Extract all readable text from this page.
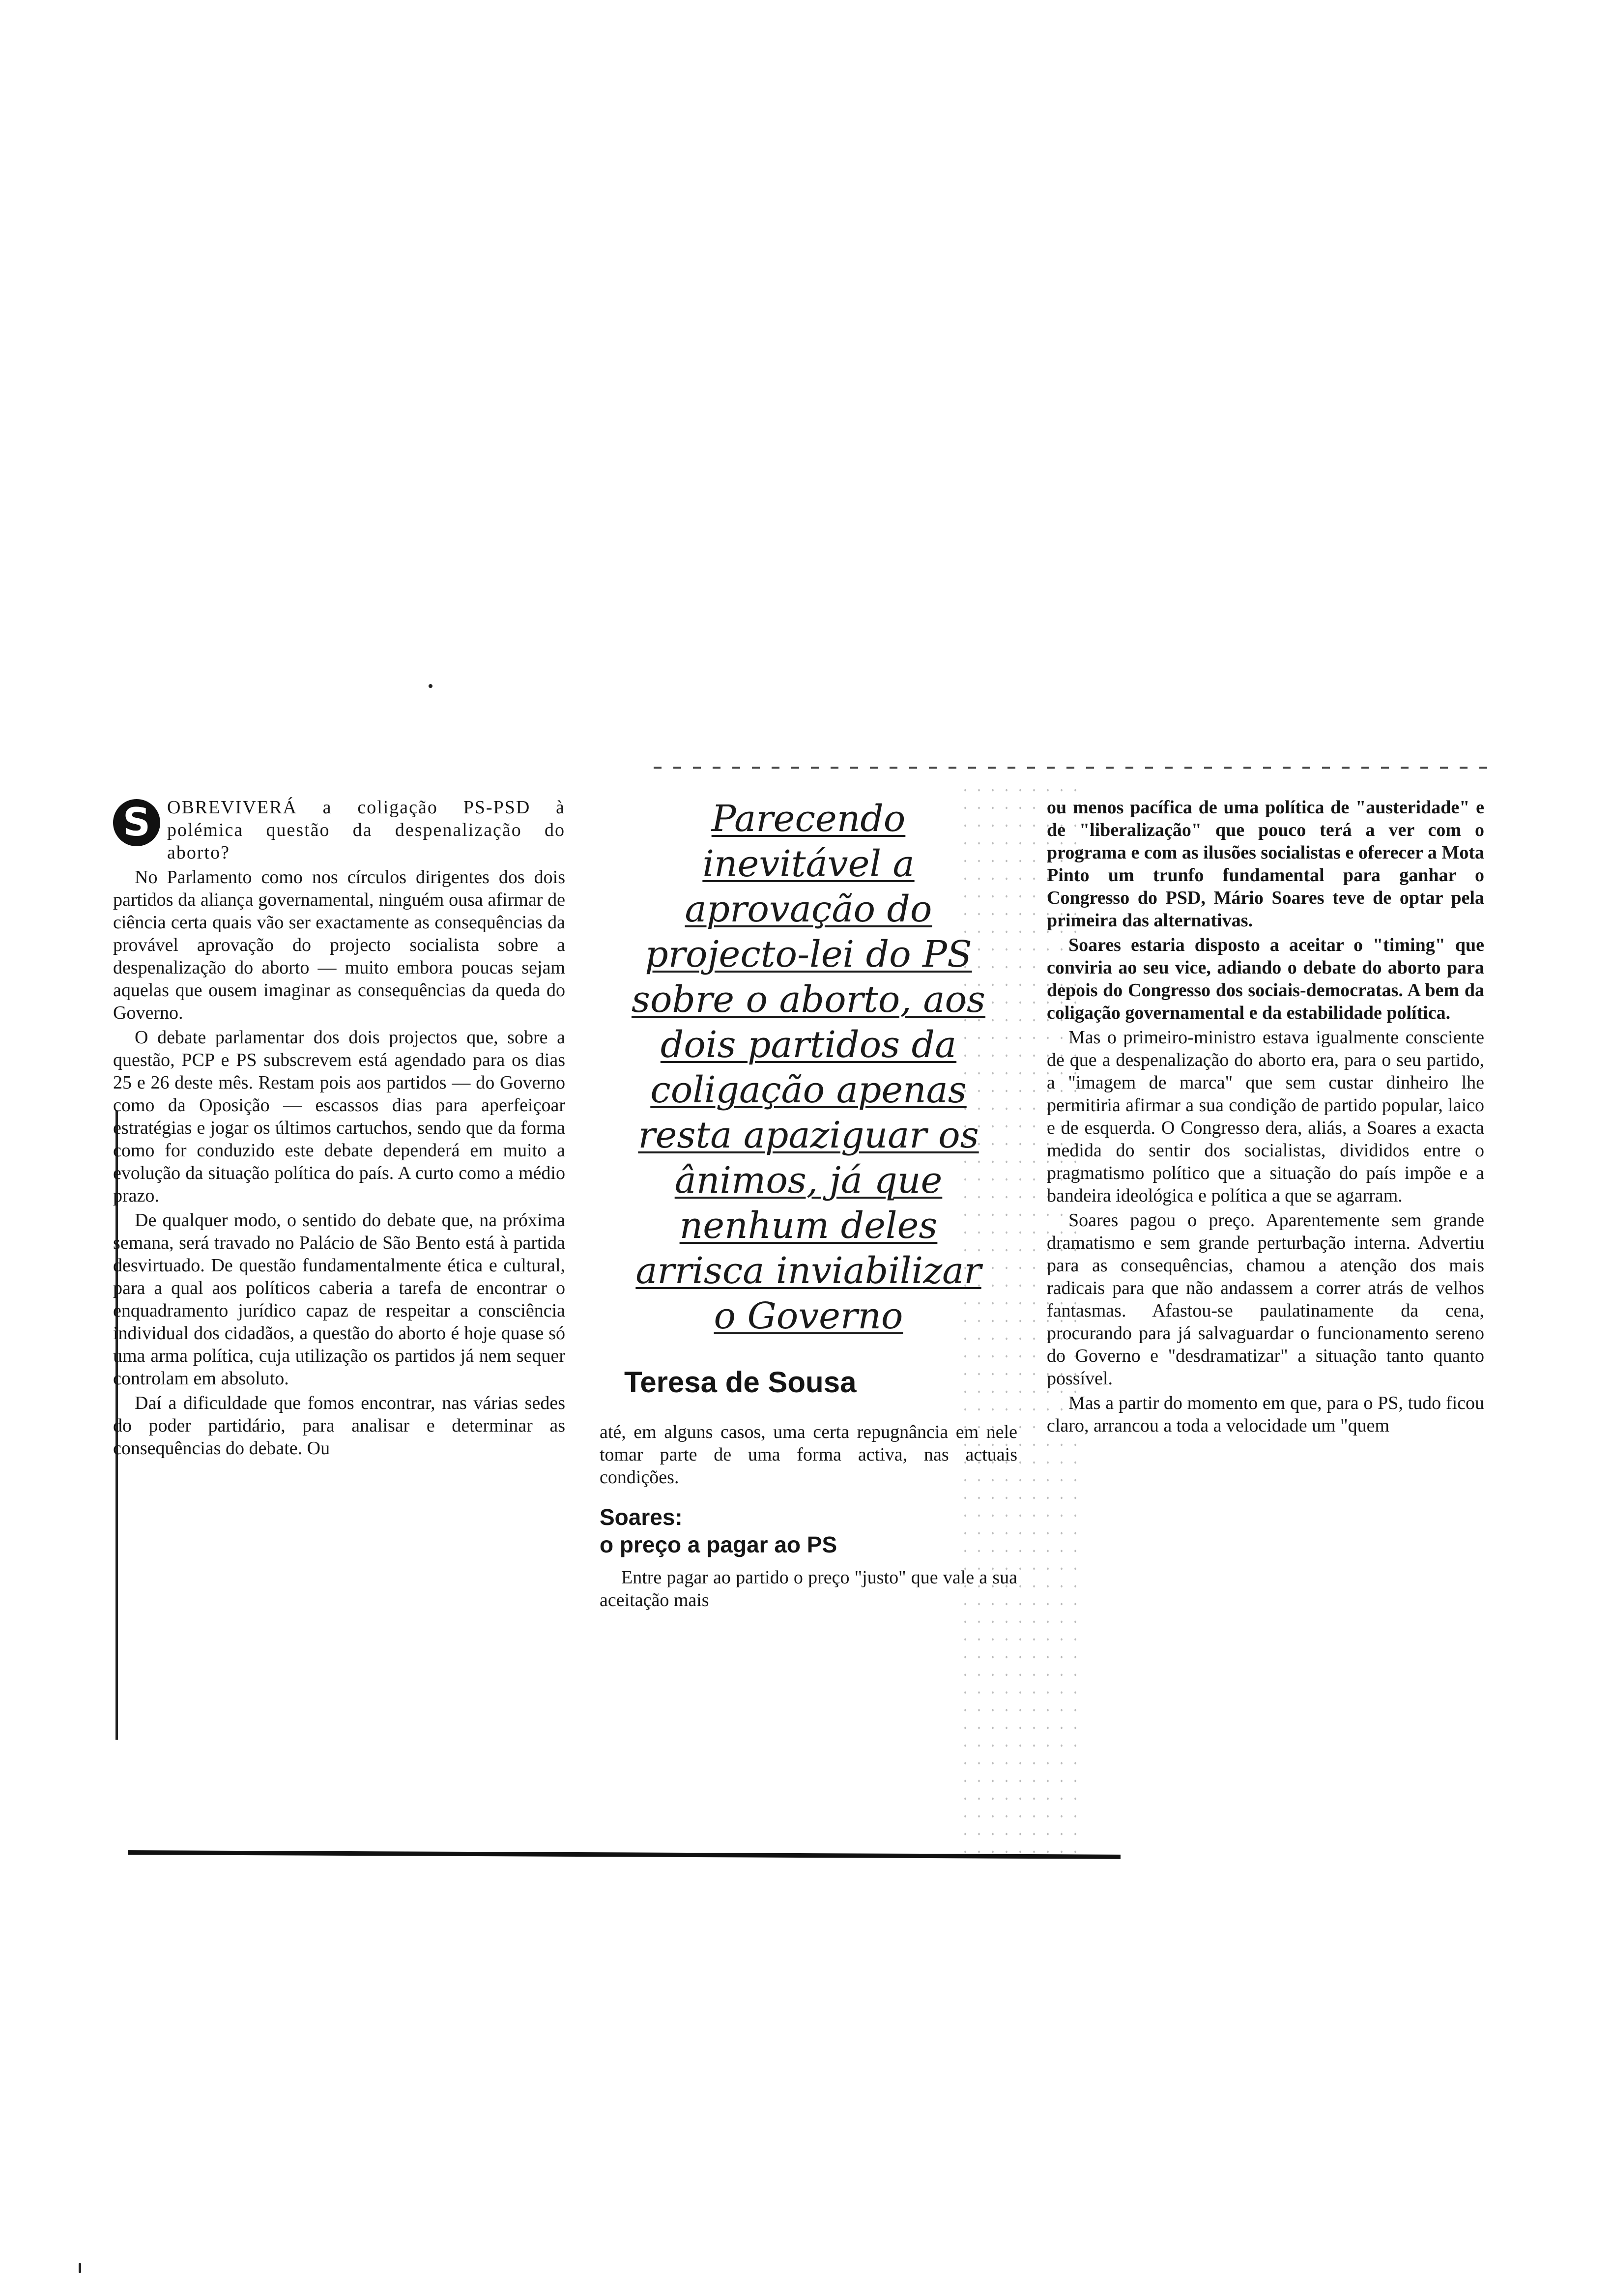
S OBREVIVERÁ a coligação PS-PSD à polémica questão da despenalização do aborto?

No Parlamento como nos círculos dirigentes dos dois partidos da aliança governamental, ninguém ousa afirmar de ciência certa quais vão ser exactamente as consequências da provável aprovação do projecto socialista sobre a despenalização do aborto — muito embora poucas sejam aquelas que ousem imaginar as consequências da queda do Governo.

O debate parlamentar dos dois projectos que, sobre a questão, PCP e PS subscrevem está agendado para os dias 25 e 26 deste mês. Restam pois aos partidos — do Governo como da Oposição — escassos dias para aperfeiçoar estratégias e jogar os últimos cartuchos, sendo que da forma como for conduzido este debate dependerá em muito a evolução da situação política do país. A curto como a médio prazo.

De qualquer modo, o sentido do debate que, na próxima semana, será travado no Palácio de São Bento está à partida desvirtuado. De questão fundamentalmente ética e cultural, para a qual aos políticos caberia a tarefa de encontrar o enquadramento jurídico capaz de respeitar a consciência individual dos cidadãos, a questão do aborto é hoje quase só uma arma política, cuja utilização os partidos já nem sequer controlam em absoluto.

Daí a dificuldade que fomos encontrar, nas várias sedes do poder partidário, para analisar e determinar as consequências do debate. Ou

Parecendo inevitável a aprovação do projecto-lei do PS sobre o aborto, aos dois partidos da coligação apenas resta apaziguar os ânimos, já que nenhum deles arrisca inviabilizar o Governo
Teresa de Sousa

até, em alguns casos, uma certa repugnância em nele tomar parte de uma forma activa, nas actuais condições.

Soares:
o preço a pagar ao PS

Entre pagar ao partido o preço "justo" que vale a sua aceitação mais

ou menos pacífica de uma política de "austeridade" e de "liberalização" que pouco terá a ver com o programa e com as ilusões socialistas e oferecer a Mota Pinto um trunfo fundamental para ganhar o Congresso do PSD, Mário Soares teve de optar pela primeira das alternativas.

Soares estaria disposto a aceitar o "timing" que conviria ao seu vice, adiando o debate do aborto para depois do Congresso dos sociais-democratas. A bem da coligação governamental e da estabilidade política.

Mas o primeiro-ministro estava igualmente consciente de que a despenalização do aborto era, para o seu partido, a "imagem de marca" que sem custar dinheiro lhe permitiria afirmar a sua condição de partido popular, laico e de esquerda. O Congresso dera, aliás, a Soares a exacta medida do sentir dos socialistas, divididos entre o pragmatismo político que a situação do país impõe e a bandeira ideológica e política a que se agarram.

Soares pagou o preço. Aparentemente sem grande dramatismo e sem grande perturbação interna. Advertiu para as consequências, chamou a atenção dos mais radicais para que não andassem a correr atrás de velhos fantasmas. Afastou-se paulatinamente da cena, procurando para já salvaguardar o funcionamento sereno do Governo e "desdramatizar" a situação tanto quanto possível.

Mas a partir do momento em que, para o PS, tudo ficou claro, arrancou a toda a velocidade um "quem
